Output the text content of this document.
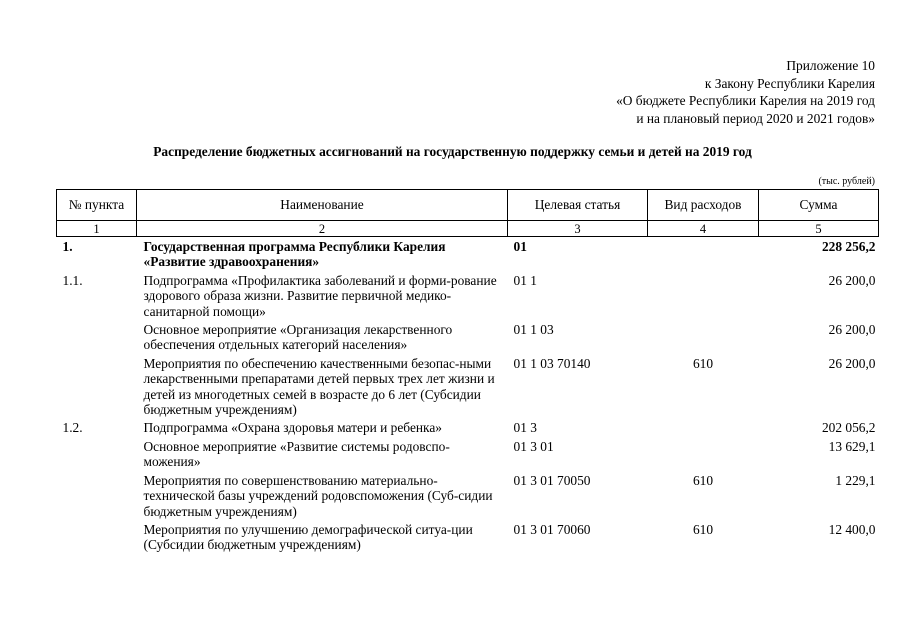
Приложение 10
к Закону Республики Карелия
«О бюджете Республики Карелия на 2019 год
и на плановый период 2020 и 2021 годов»
Распределение бюджетных ассигнований на государственную поддержку семьи и детей на 2019 год
(тыс. рублей)
№ пункта	Наименование	Целевая статья	Вид расходов	Сумма
1	2	3	4	5
1.	Государственная программа Республики Карелия «Развитие здравоохранения»	01		228 256,2
1.1.	Подпрограмма «Профилактика заболеваний и форми-рование здорового образа жизни. Развитие первичной медико-санитарной помощи»	01 1		26 200,0
	Основное мероприятие «Организация лекарственного обеспечения отдельных категорий населения»	01 1 03		26 200,0
	Мероприятия по обеспечению качественными безопас-ными лекарственными препаратами детей первых трех лет жизни и детей из многодетных семей в возрасте до 6 лет (Субсидии бюджетным учреждениям)	01 1 03 70140	610	26 200,0
1.2.	Подпрограмма «Охрана здоровья матери и ребенка»	01 3		202 056,2
	Основное мероприятие «Развитие системы родовспо-можения»	01 3 01		13 629,1
	Мероприятия по совершенствованию материально-технической базы учреждений родовспоможения (Суб-сидии бюджетным учреждениям)	01 3 01 70050	610	1 229,1
	Мероприятия по улучшению демографической ситуа-ции (Субсидии бюджетным учреждениям)	01 3 01 70060	610	12 400,0
